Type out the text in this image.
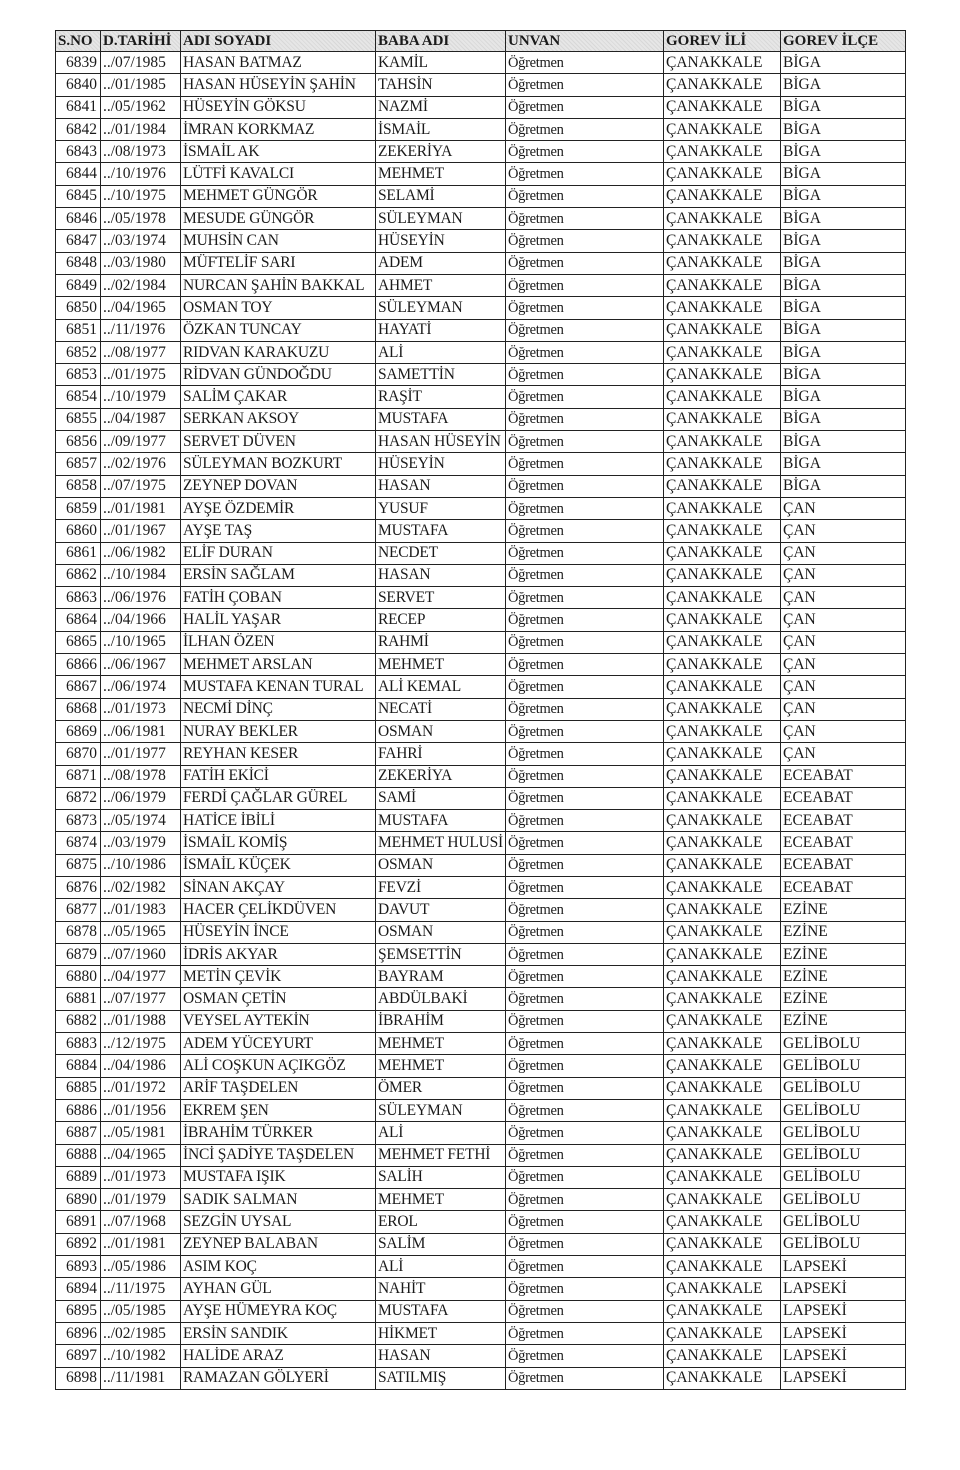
S.NO	D.TARİHİ	ADI SOYADI	BABA ADI	UNVAN	GOREV İLİ	GOREV İLÇE
6839	../07/1985	HASAN BATMAZ	KAMİL	Öğretmen	ÇANAKKALE	BİGA
6840	../01/1985	HASAN HÜSEYİN ŞAHİN	TAHSİN	Öğretmen	ÇANAKKALE	BİGA
6841	../05/1962	HÜSEYİN GÖKSU	NAZMİ	Öğretmen	ÇANAKKALE	BİGA
6842	../01/1984	İMRAN KORKMAZ	İSMAİL	Öğretmen	ÇANAKKALE	BİGA
6843	../08/1973	İSMAİL AK	ZEKERİYA	Öğretmen	ÇANAKKALE	BİGA
6844	../10/1976	LÜTFİ KAVALCI	MEHMET	Öğretmen	ÇANAKKALE	BİGA
6845	../10/1975	MEHMET GÜNGÖR	SELAMİ	Öğretmen	ÇANAKKALE	BİGA
6846	../05/1978	MESUDE GÜNGÖR	SÜLEYMAN	Öğretmen	ÇANAKKALE	BİGA
6847	../03/1974	MUHSİN CAN	HÜSEYİN	Öğretmen	ÇANAKKALE	BİGA
6848	../03/1980	MÜFTELİF SARI	ADEM	Öğretmen	ÇANAKKALE	BİGA
6849	../02/1984	NURCAN ŞAHİN BAKKAL	AHMET	Öğretmen	ÇANAKKALE	BİGA
6850	../04/1965	OSMAN TOY	SÜLEYMAN	Öğretmen	ÇANAKKALE	BİGA
6851	../11/1976	ÖZKAN TUNCAY	HAYATİ	Öğretmen	ÇANAKKALE	BİGA
6852	../08/1977	RIDVAN KARAKUZU	ALİ	Öğretmen	ÇANAKKALE	BİGA
6853	../01/1975	RİDVAN GÜNDOĞDU	SAMETTİN	Öğretmen	ÇANAKKALE	BİGA
6854	../10/1979	SALİM ÇAKAR	RAŞİT	Öğretmen	ÇANAKKALE	BİGA
6855	../04/1987	SERKAN AKSOY	MUSTAFA	Öğretmen	ÇANAKKALE	BİGA
6856	../09/1977	SERVET DÜVEN	HASAN HÜSEYİN	Öğretmen	ÇANAKKALE	BİGA
6857	../02/1976	SÜLEYMAN BOZKURT	HÜSEYİN	Öğretmen	ÇANAKKALE	BİGA
6858	../07/1975	ZEYNEP DOVAN	HASAN	Öğretmen	ÇANAKKALE	BİGA
6859	../01/1981	AYŞE ÖZDEMİR	YUSUF	Öğretmen	ÇANAKKALE	ÇAN
6860	../01/1967	AYŞE TAŞ	MUSTAFA	Öğretmen	ÇANAKKALE	ÇAN
6861	../06/1982	ELİF DURAN	NECDET	Öğretmen	ÇANAKKALE	ÇAN
6862	../10/1984	ERSİN SAĞLAM	HASAN	Öğretmen	ÇANAKKALE	ÇAN
6863	../06/1976	FATİH ÇOBAN	SERVET	Öğretmen	ÇANAKKALE	ÇAN
6864	../04/1966	HALİL YAŞAR	RECEP	Öğretmen	ÇANAKKALE	ÇAN
6865	../10/1965	İLHAN ÖZEN	RAHMİ	Öğretmen	ÇANAKKALE	ÇAN
6866	../06/1967	MEHMET ARSLAN	MEHMET	Öğretmen	ÇANAKKALE	ÇAN
6867	../06/1974	MUSTAFA KENAN TURAL	ALİ KEMAL	Öğretmen	ÇANAKKALE	ÇAN
6868	../01/1973	NECMİ DİNÇ	NECATİ	Öğretmen	ÇANAKKALE	ÇAN
6869	../06/1981	NURAY BEKLER	OSMAN	Öğretmen	ÇANAKKALE	ÇAN
6870	../01/1977	REYHAN KESER	FAHRİ	Öğretmen	ÇANAKKALE	ÇAN
6871	../08/1978	FATİH EKİCİ	ZEKERİYA	Öğretmen	ÇANAKKALE	ECEABAT
6872	../06/1979	FERDİ ÇAĞLAR GÜREL	SAMİ	Öğretmen	ÇANAKKALE	ECEABAT
6873	../05/1974	HATİCE İBİLİ	MUSTAFA	Öğretmen	ÇANAKKALE	ECEABAT
6874	../03/1979	İSMAİL KOMİŞ	MEHMET HULUSİ	Öğretmen	ÇANAKKALE	ECEABAT
6875	../10/1986	İSMAİL KÜÇEK	OSMAN	Öğretmen	ÇANAKKALE	ECEABAT
6876	../02/1982	SİNAN AKÇAY	FEVZİ	Öğretmen	ÇANAKKALE	ECEABAT
6877	../01/1983	HACER ÇELİKDÜVEN	DAVUT	Öğretmen	ÇANAKKALE	EZİNE
6878	../05/1965	HÜSEYİN İNCE	OSMAN	Öğretmen	ÇANAKKALE	EZİNE
6879	../07/1960	İDRİS AKYAR	ŞEMSETTİN	Öğretmen	ÇANAKKALE	EZİNE
6880	../04/1977	METİN ÇEVİK	BAYRAM	Öğretmen	ÇANAKKALE	EZİNE
6881	../07/1977	OSMAN ÇETİN	ABDÜLBAKİ	Öğretmen	ÇANAKKALE	EZİNE
6882	../01/1988	VEYSEL AYTEKİN	İBRAHİM	Öğretmen	ÇANAKKALE	EZİNE
6883	../12/1975	ADEM YÜCEYURT	MEHMET	Öğretmen	ÇANAKKALE	GELİBOLU
6884	../04/1986	ALİ COŞKUN AÇIKGÖZ	MEHMET	Öğretmen	ÇANAKKALE	GELİBOLU
6885	../01/1972	ARİF TAŞDELEN	ÖMER	Öğretmen	ÇANAKKALE	GELİBOLU
6886	../01/1956	EKREM ŞEN	SÜLEYMAN	Öğretmen	ÇANAKKALE	GELİBOLU
6887	../05/1981	İBRAHİM TÜRKER	ALİ	Öğretmen	ÇANAKKALE	GELİBOLU
6888	../04/1965	İNCİ ŞADİYE TAŞDELEN	MEHMET FETHİ	Öğretmen	ÇANAKKALE	GELİBOLU
6889	../01/1973	MUSTAFA IŞIK	SALİH	Öğretmen	ÇANAKKALE	GELİBOLU
6890	../01/1979	SADIK SALMAN	MEHMET	Öğretmen	ÇANAKKALE	GELİBOLU
6891	../07/1968	SEZGİN UYSAL	EROL	Öğretmen	ÇANAKKALE	GELİBOLU
6892	../01/1981	ZEYNEP BALABAN	SALİM	Öğretmen	ÇANAKKALE	GELİBOLU
6893	../05/1986	ASIM KOÇ	ALİ	Öğretmen	ÇANAKKALE	LAPSEKİ
6894	../11/1975	AYHAN GÜL	NAHİT	Öğretmen	ÇANAKKALE	LAPSEKİ
6895	../05/1985	AYŞE HÜMEYRA KOÇ	MUSTAFA	Öğretmen	ÇANAKKALE	LAPSEKİ
6896	../02/1985	ERSİN SANDIK	HİKMET	Öğretmen	ÇANAKKALE	LAPSEKİ
6897	../10/1982	HALİDE ARAZ	HASAN	Öğretmen	ÇANAKKALE	LAPSEKİ
6898	../11/1981	RAMAZAN GÖLYERİ	SATILMIŞ	Öğretmen	ÇANAKKALE	LAPSEKİ
